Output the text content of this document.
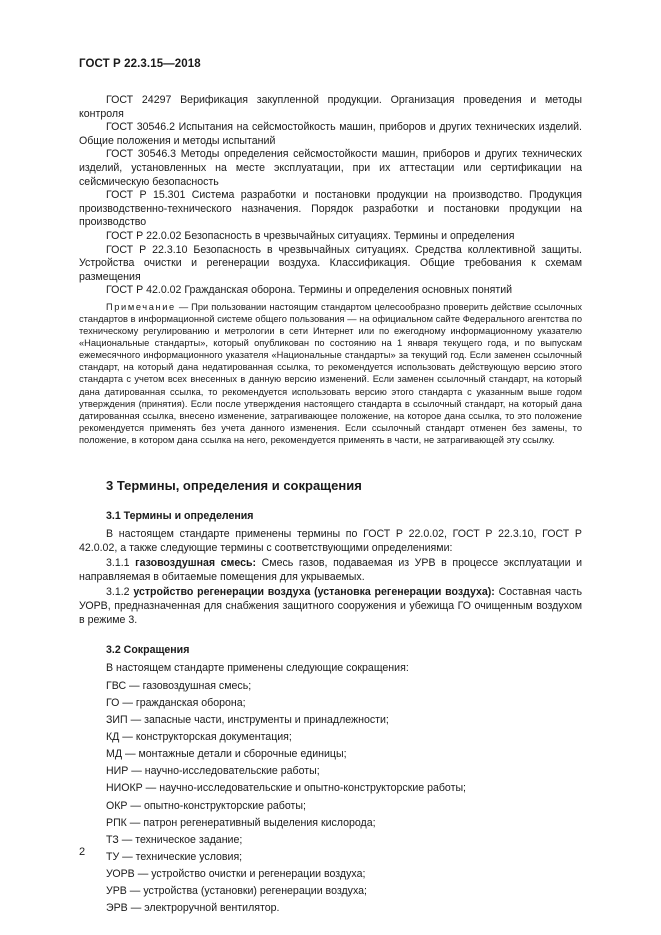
ГОСТ Р 22.3.15—2018

ГОСТ 24297 Верификация закупленной продукции. Организация проведения и методы контроля

ГОСТ 30546.2 Испытания на сейсмостойкость машин, приборов и других технических изделий. Общие положения и методы испытаний

ГОСТ 30546.3 Методы определения сейсмостойкости машин, приборов и других технических изделий, установленных на месте эксплуатации, при их аттестации или сертификации на сейсмическую безопасность

ГОСТ Р 15.301 Система разработки и постановки продукции на производство. Продукция производственно-технического назначения. Порядок разработки и постановки продукции на производство

ГОСТ Р 22.0.02 Безопасность в чрезвычайных ситуациях. Термины и определения

ГОСТ Р 22.3.10 Безопасность в чрезвычайных ситуациях. Средства коллективной защиты. Устройства очистки и регенерации воздуха. Классификация. Общие требования к схемам размещения

ГОСТ Р 42.0.02 Гражданская оборона. Термины и определения основных понятий

Примечание — При пользовании настоящим стандартом целесообразно проверить действие ссылочных стандартов в информационной системе общего пользования — на официальном сайте Федерального агентства по техническому регулированию и метрологии в сети Интернет или по ежегодному информационному указателю «Национальные стандарты», который опубликован по состоянию на 1 января текущего года, и по выпускам ежемесячного информационного указателя «Национальные стандарты» за текущий год. Если заменен ссылочный стандарт, на который дана недатированная ссылка, то рекомендуется использовать действующую версию этого стандарта с учетом всех внесенных в данную версию изменений. Если заменен ссылочный стандарт, на который дана датированная ссылка, то рекомендуется использовать версию этого стандарта с указанным выше годом утверждения (принятия). Если после утверждения настоящего стандарта в ссылочный стандарт, на который дана датированная ссылка, внесено изменение, затрагивающее положение, на которое дана ссылка, то это положение рекомендуется применять без учета данного изменения. Если ссылочный стандарт отменен без замены, то положение, в котором дана ссылка на него, рекомендуется применять в части, не затрагивающей эту ссылку.

3 Термины, определения и сокращения
3.1 Термины и определения

В настоящем стандарте применены термины по ГОСТ Р 22.0.02, ГОСТ Р 22.3.10, ГОСТ Р 42.0.02, а также следующие термины с соответствующими определениями:

3.1.1 газовоздушная смесь: Смесь газов, подаваемая из УРВ в процессе эксплуатации и направляемая в обитаемые помещения для укрываемых.

3.1.2 устройство регенерации воздуха (установка регенерации воздуха): Составная часть УОРВ, предназначенная для снабжения защитного сооружения и убежища ГО очищенным воздухом в режиме 3.

3.2 Сокращения
В настоящем стандарте применены следующие сокращения:
ГВС — газовоздушная смесь;
ГО — гражданская оборона;
ЗИП — запасные части, инструменты и принадлежности;
КД — конструкторская документация;
МД — монтажные детали и сборочные единицы;
НИР — научно-исследовательские работы;
НИОКР — научно-исследовательские и опытно-конструкторские работы;
ОКР — опытно-конструкторские работы;
РПК — патрон регенеративный выделения кислорода;
ТЗ — техническое задание;
ТУ — технические условия;
УОРВ — устройство очистки и регенерации воздуха;
УРВ — устройства (установки) регенерации воздуха;
ЭРВ — электроручной вентилятор.
2
